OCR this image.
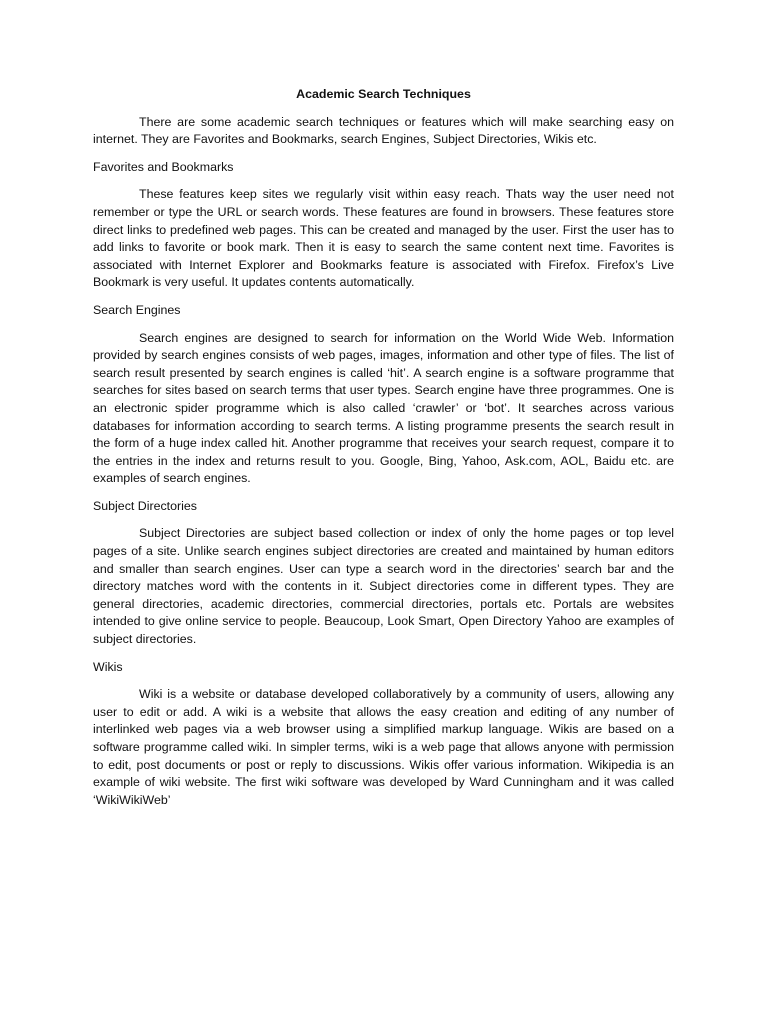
Academic Search Techniques

There are some academic search techniques or features which will make searching easy on internet. They are Favorites and Bookmarks, search Engines, Subject Directories, Wikis etc.

Favorites and Bookmarks

These features keep sites we regularly visit within easy reach. Thats way the user need not remember or type the URL or search words. These features are found in browsers. These features store direct links to predefined web pages. This can be created and managed by the user. First the user has to add links to favorite or book mark. Then it is easy to search the same content next time. Favorites is associated with Internet Explorer and Bookmarks feature is associated with Firefox. Firefox’s Live Bookmark is very useful. It updates contents automatically.

Search Engines

Search engines are designed to search for information on the World Wide Web. Information provided by search engines consists of web pages, images, information and other type of files. The list of search result presented by search engines is called ‘hit’. A search engine is a software programme that searches for sites based on search terms that user types. Search engine have three programmes. One is an electronic spider programme which is also called ‘crawler’ or ‘bot’. It searches across various databases for information according to search terms. A listing programme presents the search result in the form of a huge index called hit. Another programme that receives your search request, compare it to the entries in the index and returns result to you. Google, Bing, Yahoo, Ask.com, AOL, Baidu etc. are examples of search engines.

Subject Directories

Subject Directories are subject based collection or index of only the home pages or top level pages of a site. Unlike search engines subject directories are created and maintained by human editors and smaller than search engines. User can type a search word in the directories’ search bar and the directory matches word with the contents in it. Subject directories come in different types. They are general directories, academic directories, commercial directories, portals etc. Portals are websites intended to give online service to people. Beaucoup, Look Smart, Open Directory Yahoo are examples of subject directories.

Wikis

Wiki is a website or database developed collaboratively by a community of users, allowing any user to edit or add. A wiki is a website that allows the easy creation and editing of any number of interlinked web pages via a web browser using a simplified markup language. Wikis are based on a software programme called wiki. In simpler terms, wiki is a web page that allows anyone with permission to edit, post documents or post or reply to discussions. Wikis offer various information. Wikipedia is an example of wiki website. The first wiki software was developed by Ward Cunningham and it was called ‘WikiWikiWeb’
